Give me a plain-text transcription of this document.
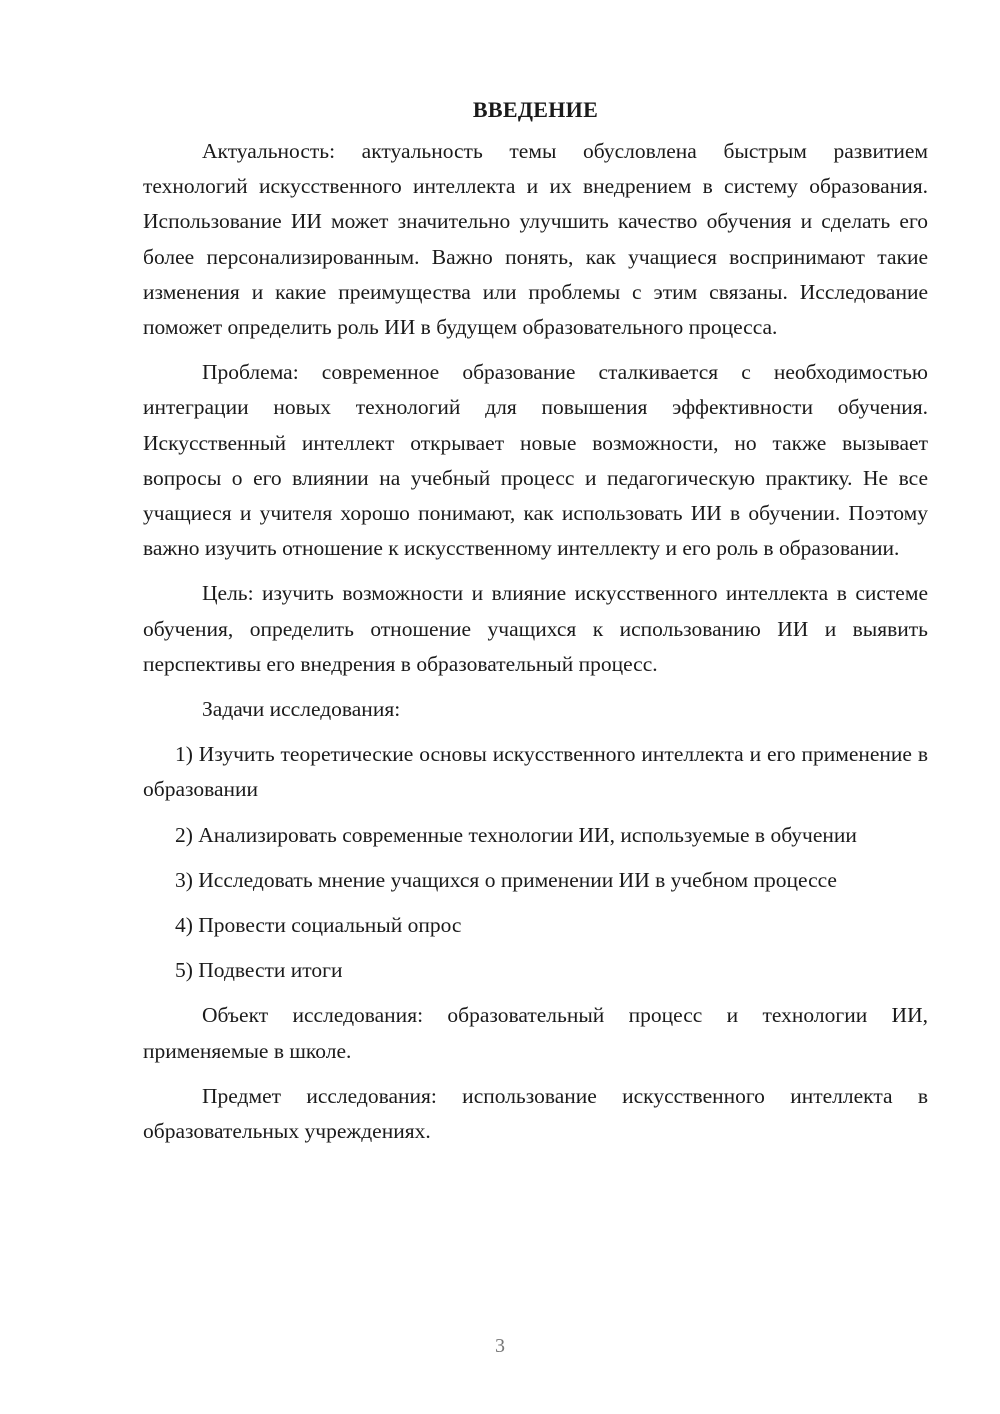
ВВЕДЕНИЕ

Актуальность: актуальность темы обусловлена быстрым развитием технологий искусственного интеллекта и их внедрением в систему образования. Использование ИИ может значительно улучшить качество обучения и сделать его более персонализированным. Важно понять, как учащиеся воспринимают такие изменения и какие преимущества или проблемы с этим связаны. Исследование поможет определить роль ИИ в будущем образовательного процесса.

Проблема: современное образование сталкивается с необходимостью интеграции новых технологий для повышения эффективности обучения. Искусственный интеллект открывает новые возможности, но также вызывает вопросы о его влиянии на учебный процесс и педагогическую практику. Не все учащиеся и учителя хорошо понимают, как использовать ИИ в обучении. Поэтому важно изучить отношение к искусственному интеллекту и его роль в образовании.

Цель: изучить возможности и влияние искусственного интеллекта в системе обучения, определить отношение учащихся к использованию ИИ и выявить перспективы его внедрения в образовательный процесс.

Задачи исследования:

1) Изучить теоретические основы искусственного интеллекта и его применение в образовании

2) Анализировать современные технологии ИИ, используемые в обучении

3) Исследовать мнение учащихся о применении ИИ в учебном процессе

4) Провести социальный опрос

5) Подвести итоги

Объект исследования: образовательный процесс и технологии ИИ, применяемые в школе.

Предмет исследования: использование искусственного интеллекта в образовательных учреждениях.

3
